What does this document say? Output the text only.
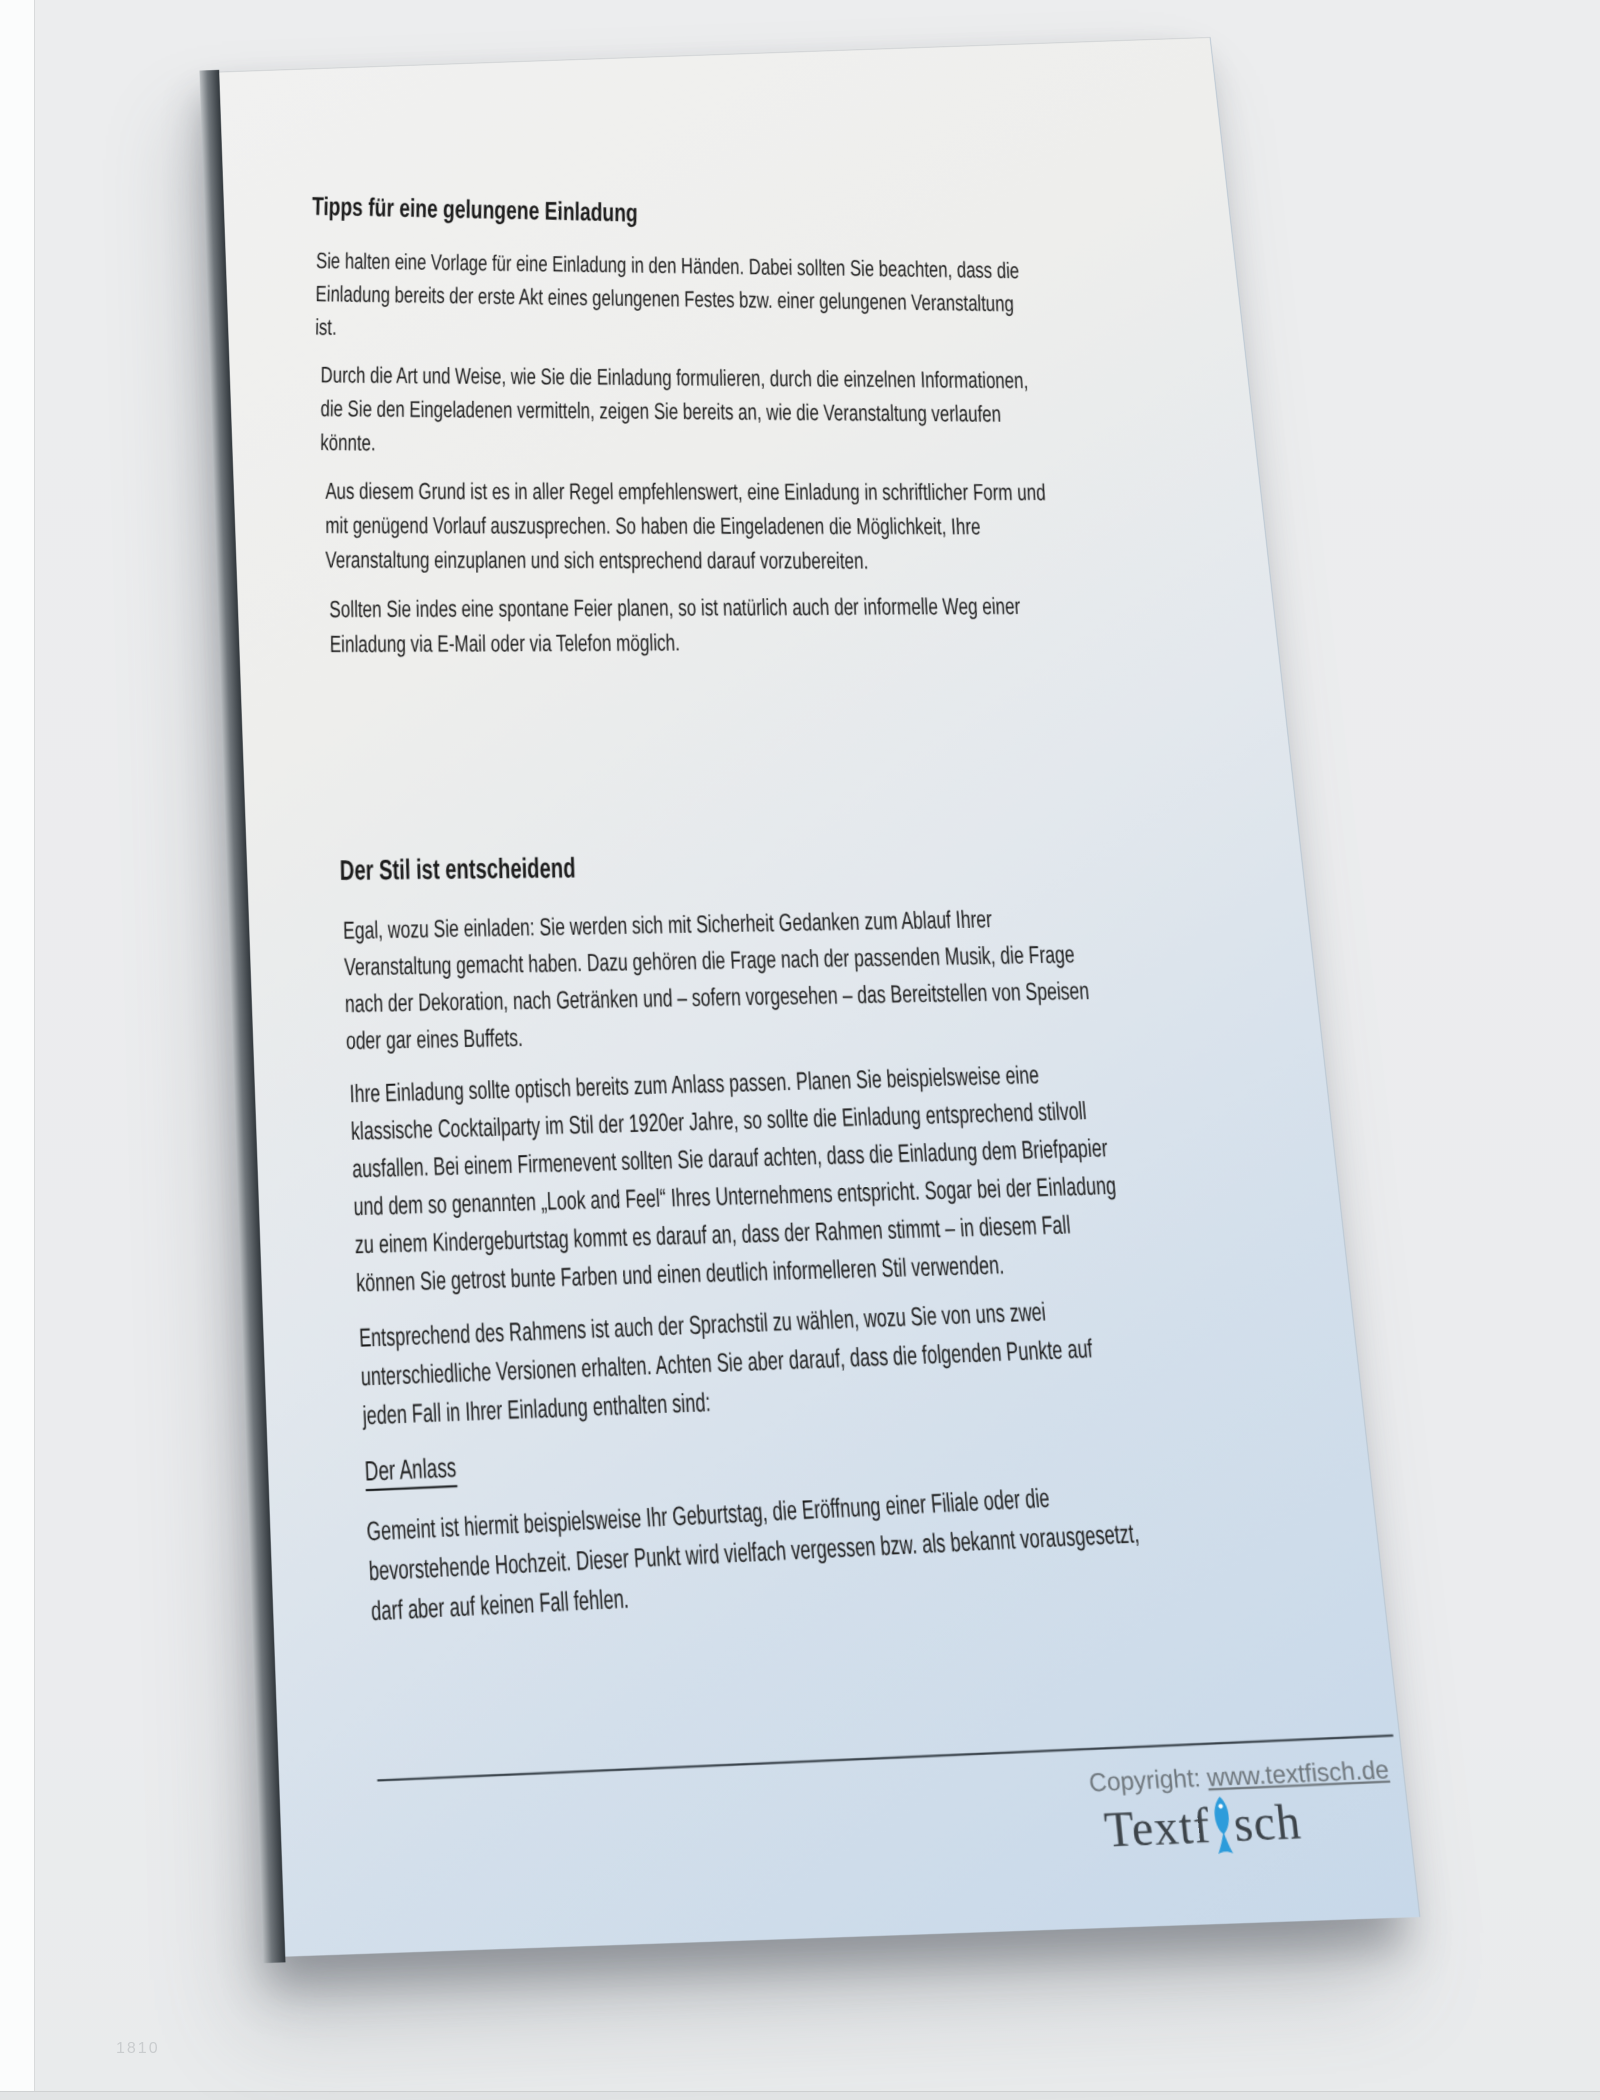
1810
Tipps für eine gelungene Einladung

Sie halten eine Vorlage für eine Einladung in den Händen. Dabei sollten Sie beachten, dass die Einladung bereits der erste Akt eines gelungenen Festes bzw. einer gelungenen Veranstaltung ist.

Durch die Art und Weise, wie Sie die Einladung formulieren, durch die einzelnen Informationen, die Sie den Eingeladenen vermitteln, zeigen Sie bereits an, wie die Veranstaltung verlaufen könnte.

Aus diesem Grund ist es in aller Regel empfehlenswert, eine Einladung in schriftlicher Form und mit genügend Vorlauf auszusprechen. So haben die Eingeladenen die Möglichkeit, Ihre Veranstaltung einzuplanen und sich entsprechend darauf vorzubereiten.

Sollten Sie indes eine spontane Feier planen, so ist natürlich auch der informelle Weg einer Einladung via E-Mail oder via Telefon möglich.

Der Stil ist entscheidend

Egal, wozu Sie einladen: Sie werden sich mit Sicherheit Gedanken zum Ablauf Ihrer Veranstaltung gemacht haben. Dazu gehören die Frage nach der passenden Musik, die Frage nach der Dekoration, nach Getränken und – sofern vorgesehen – das Bereitstellen von Speisen oder gar eines Buffets.

Ihre Einladung sollte optisch bereits zum Anlass passen. Planen Sie beispielsweise eine klassische Cocktailparty im Stil der 1920er Jahre, so sollte die Einladung entsprechend stilvoll ausfallen. Bei einem Firmenevent sollten Sie darauf achten, dass die Einladung dem Briefpapier und dem so genannten „Look and Feel“ Ihres Unternehmens entspricht. Sogar bei der Einladung zu einem Kindergeburtstag kommt es darauf an, dass der Rahmen stimmt – in diesem Fall können Sie getrost bunte Farben und einen deutlich informelleren Stil verwenden.

Entsprechend des Rahmens ist auch der Sprachstil zu wählen, wozu Sie von uns zwei unterschiedliche Versionen erhalten. Achten Sie aber darauf, dass die folgenden Punkte auf jeden Fall in Ihrer Einladung enthalten sind:

Der Anlass

Gemeint ist hiermit beispielsweise Ihr Geburtstag, die Eröffnung einer Filiale oder die bevorstehende Hochzeit. Dieser Punkt wird vielfach vergessen bzw. als bekannt vorausgesetzt, darf aber auf keinen Fall fehlen.

Copyright: www.textfisch.de
Textf sch
